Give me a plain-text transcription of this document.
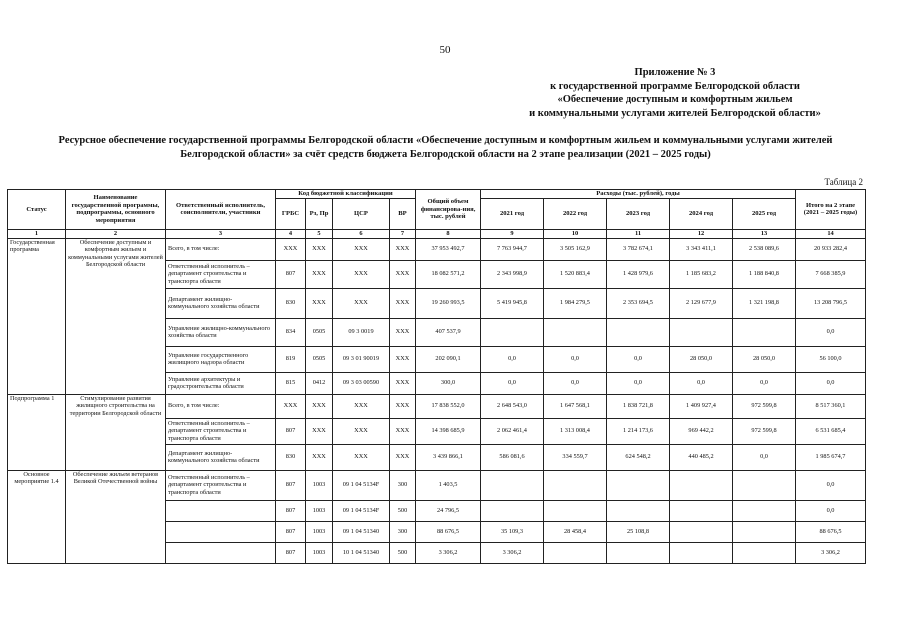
50
Приложение № 3
к государственной программе Белгородской области
«Обеспечение доступным и комфортным жильем
и коммунальными услугами жителей Белгородской области»
Ресурсное обеспечение государственной программы Белгородской области «Обеспечение доступным и комфортным жильем и коммунальными услугами жителей
Белгородской области» за счёт средств бюджета Белгородской области на 2 этапе реализации (2021 – 2025 годы)
Таблица 2
Статус	Наименование государственной программы, подпрограммы, основного мероприятия	Ответственный исполнитель, соисполнители, участники	Код бюджетной классификации				Общий объем финансирова-ния, тыс. рублей	Расходы (тыс. рублей), годы					Итого на 2 этапе (2021 – 2025 годы)
			ГРБС	Рз, Пр	ЦСР	ВР		2021 год	2022 год	2023 год	2024 год	2025 год	
1	2	3	4	5	6	7	8	9	10	11	12	13	14
Государственная программа	Обеспечение доступным и комфортным жильем и коммунальными услугами жителей Белгородской области	Всего, в том числе:	ХХХ	ХХХ	ХХХ	ХХХ	37 953 492,7	7 763 944,7	3 505 162,9	3 782 674,1	3 343 411,1	2 538 089,6	20 933 282,4
		Ответственный исполнитель – департамент строительства и транспорта области	807	ХХХ	ХХХ	ХХХ	18 082 571,2	2 343 998,9	1 520 883,4	1 428 979,6	1 185 683,2	1 188 840,8	7 668 385,9
		Департамент жилищно-коммунального хозяйства области	830	ХХХ	ХХХ	ХХХ	19 260 993,5	5 419 945,8	1 984 279,5	2 353 694,5	2 129 677,9	1 321 198,8	13 208 796,5
		Управление жилищно-коммунального хозяйства области	834	0505	09 3 0019	ХХХ	407 537,9						0,0
		Управление государственного жилищного надзора области	819	0505	09 3 01 90019	ХХХ	202 090,1	0,0	0,0	0,0	28 050,0	28 050,0	56 100,0
		Управление архитектуры и градостроительства области	815	0412	09 3 03 00590	ХХХ	300,0	0,0	0,0	0,0	0,0	0,0	0,0
Подпрограмма 1	Стимулирование развития жилищного строительства на территории Белгородской области	Всего, в том числе:	ХХХ	ХХХ	ХХХ	ХХХ	17 838 552,0	2 648 543,0	1 647 568,1	1 838 721,8	1 409 927,4	972 599,8	8 517 360,1
		Ответственный исполнитель – департамент строительства и транспорта области	807	ХХХ	ХХХ	ХХХ	14 398 685,9	2 062 461,4	1 313 008,4	1 214 173,6	969 442,2	972 599,8	6 531 685,4
		Департамент жилищно-коммунального хозяйства области	830	ХХХ	ХХХ	ХХХ	3 439 866,1	586 081,6	334 559,7	624 548,2	440 485,2	0,0	1 985 674,7
Основное мероприятие 1.4	Обеспечение жильем ветеранов Великой Отечественной войны	Ответственный исполнитель – департамент строительства и транспорта области	807	1003	09 1 04 5134F	300	1 403,5						0,0
			807	1003	09 1 04 5134F	500	24 796,5						0,0
			807	1003	09 1 04 51340	300	88 676,5	35 109,3	28 458,4	25 108,8			88 676,5
			807	1003	10 1 04 51340	500	3 306,2	3 306,2					3 306,2
